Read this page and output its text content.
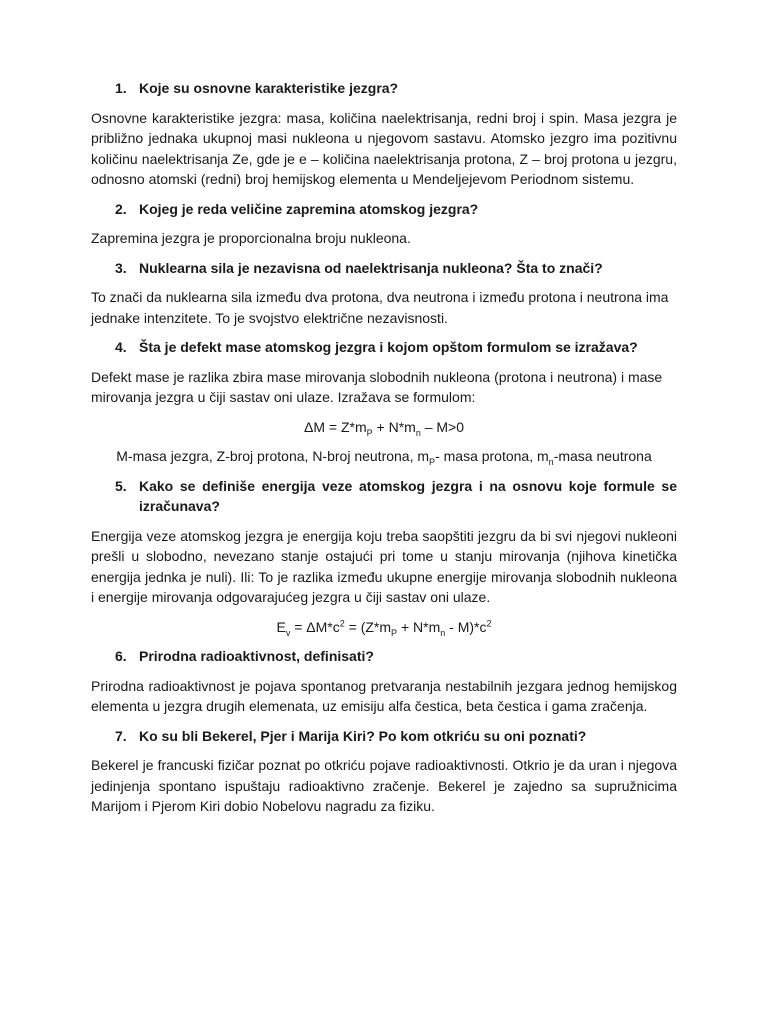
1. Koje su osnovne karakteristike jezgra?

Osnovne karakteristike jezgra: masa, količina naelektrisanja, redni broj i spin. Masa jezgra je približno jednaka ukupnoj masi nukleona u njegovom sastavu. Atomsko jezgro ima pozitivnu količinu naelektrisanja Ze, gde je e – količina naelektrisanja protona, Z – broj protona u jezgru, odnosno atomski (redni) broj hemijskog elementa u Mendeljejevom Periodnom sistemu.

2. Kojeg je reda veličine zapremina atomskog jezgra?

Zapremina jezgra je proporcionalna broju nukleona.

3. Nuklearna sila je nezavisna od naelektrisanja nukleona? Šta to znači?

To znači da nuklearna sila između dva protona, dva neutrona i između protona i neutrona ima jednake intenzitete. To je svojstvo električne nezavisnosti.

4. Šta je defekt mase atomskog jezgra i kojom opštom formulom se izražava?

Defekt mase je razlika zbira mase mirovanja slobodnih nukleona (protona i neutrona) i mase mirovanja jezgra u čiji sastav oni ulaze. Izražava se formulom:

$\Delta M = Z*m_P + N*m_n - M>0$
M-masa jezgra, Z-broj protona, N-broj neutrona, $m_P-$ masa protona, $m_n$-masa neutrona
5. Kako se definiše energija veze atomskog jezgra i na osnovu koje formule se izračunava?

Energija veze atomskog jezgra je energija koju treba saopštiti jezgru da bi svi njegovi nukleoni prešli u slobodno, nevezano stanje ostajući pri tome u stanju mirovanja (njihova kinetička energija jednka je nuli). Ili: To je razlika između ukupne energije mirovanja slobodnih nukleona i energije mirovanja odgovarajućeg jezgra u čiji sastav oni ulaze.

$E_v = \Delta M*c^2 = (Z*m_P + N*m_n - M)*c^2$
6. Prirodna radioaktivnost, definisati?

Prirodna radioaktivnost je pojava spontanog pretvaranja nestabilnih jezgara jednog hemijskog elementa u jezgra drugih elemenata, uz emisiju alfa čestica, beta čestica i gama zračenja.

7. Ko su bli Bekerel, Pjer i Marija Kiri? Po kom otkriću su oni poznati?

Bekerel je francuski fizičar poznat po otkriću pojave radioaktivnosti. Otkrio je da uran i njegova jedinjenja spontano ispuštaju radioaktivno zračenje. Bekerel je zajedno sa supružnicima Marijom i Pjerom Kiri dobio Nobelovu nagradu za fiziku.
